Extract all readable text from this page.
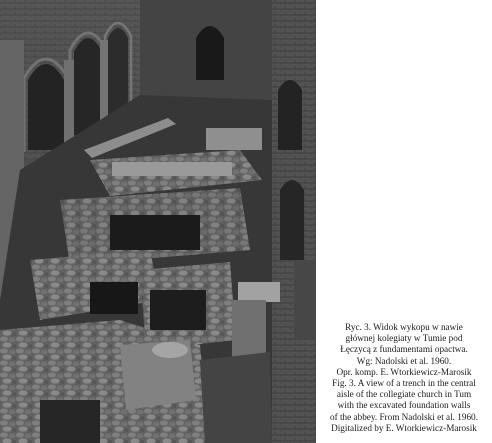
Ryc. 3. Widok wykopu w nawie
głównej kolegiaty w Tumie pod
Łęczycą z fundamentami opactwa.
Wg: Nadolski et al. 1960.
Opr. komp. E. Wtorkiewicz-Marosik
Fig. 3. A view of a trench in the central
aisle of the collegiate church in Tum
with the excavated foundation walls
of the abbey. From Nadolski et al. 1960.
Digitalized by E. Wtorkiewicz-Marosik
